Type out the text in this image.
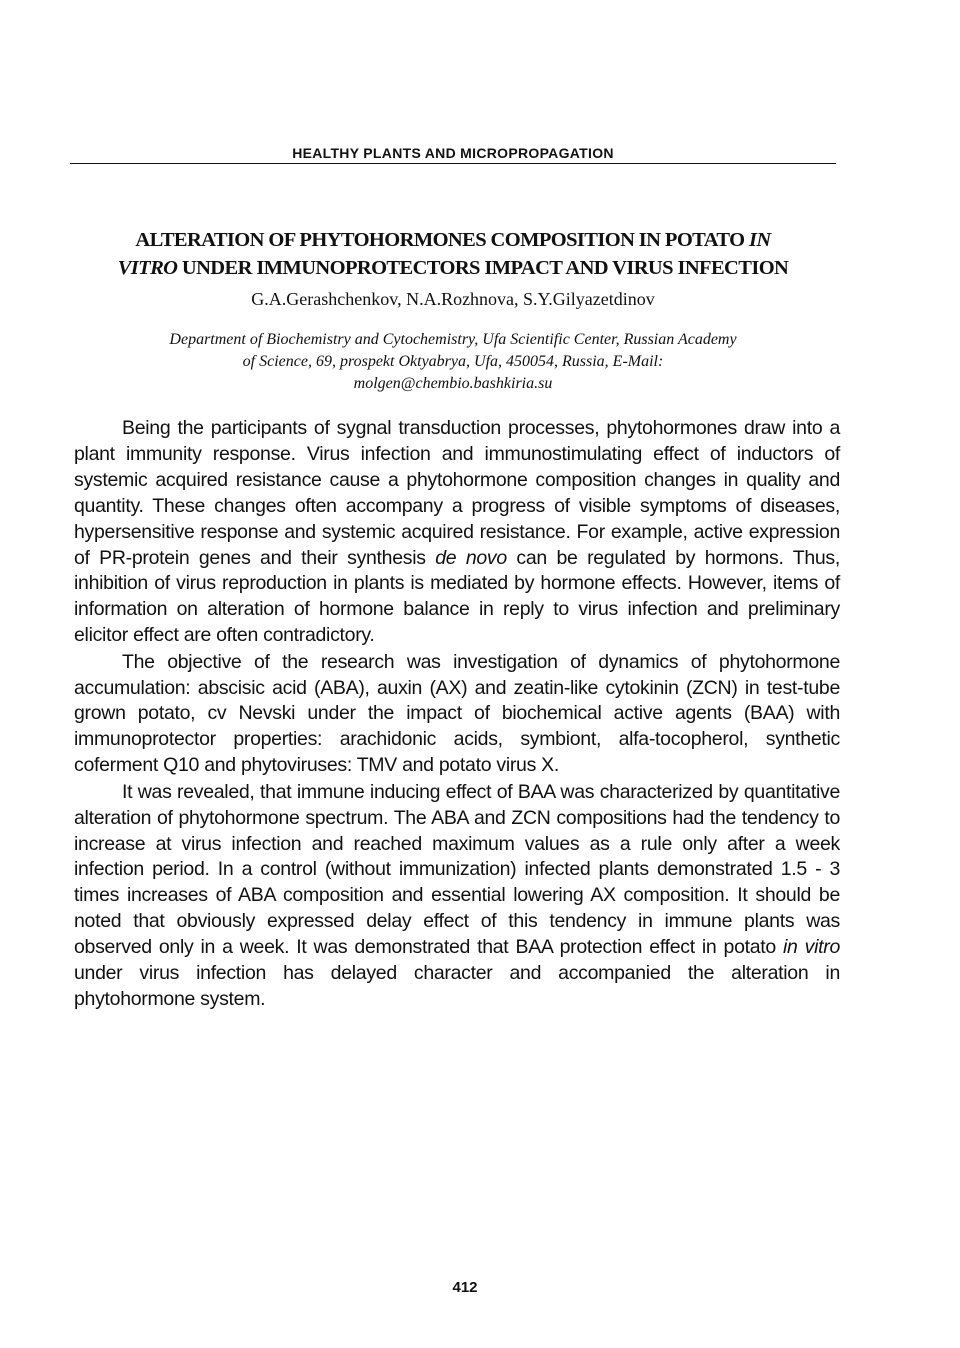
HEALTHY PLANTS AND MICROPROPAGATION
ALTERATION OF PHYTOHORMONES COMPOSITION IN POTATO IN
VITRO UNDER IMMUNOPROTECTORS IMPACT AND VIRUS INFECTION
G.A.Gerashchenkov, N.A.Rozhnova, S.Y.Gilyazetdinov
Department of Biochemistry and Cytochemistry, Ufa Scientific Center, Russian Academy
of Science, 69, prospekt Oktyabrya, Ufa, 450054, Russia, E-Mail:
molgen@chembio.bashkiria.su

Being the participants of sygnal transduction processes, phytohormones draw into a plant immunity response. Virus infection and immunostimulating effect of inductors of systemic acquired resistance cause a phytohormone composition changes in quality and quantity. These changes often accompany a progress of visible symptoms of diseases, hypersensitive response and systemic acquired resistance. For example, active expression of PR-protein genes and their synthesis de novo can be regulated by hormons. Thus, inhibition of virus reproduction in plants is mediated by hormone effects. However, items of information on alteration of hormone balance in reply to virus infection and preliminary elicitor effect are often contradictory.

The objective of the research was investigation of dynamics of phytohormone accumulation: abscisic acid (ABA), auxin (AX) and zeatin-like cytokinin (ZCN) in test-tube grown potato, cv Nevski under the impact of biochemical active agents (BAA) with immunoprotector properties: arachidonic acids, symbiont, alfa-tocopherol, synthetic coferment Q10 and phytoviruses: TMV and potato virus X.

It was revealed, that immune inducing effect of BAA was characterized by quantitative alteration of phytohormone spectrum. The ABA and ZCN compositions had the tendency to increase at virus infection and reached maximum values as a rule only after a week infection period. In a control (without immunization) infected plants demonstrated 1.5 - 3 times increases of ABA composition and essential lowering AX composition. It should be noted that obviously expressed delay effect of this tendency in immune plants was observed only in a week. It was demonstrated that BAA protection effect in potato in vitro under virus infection has delayed character and accompanied the alteration in phytohormone system.

412
